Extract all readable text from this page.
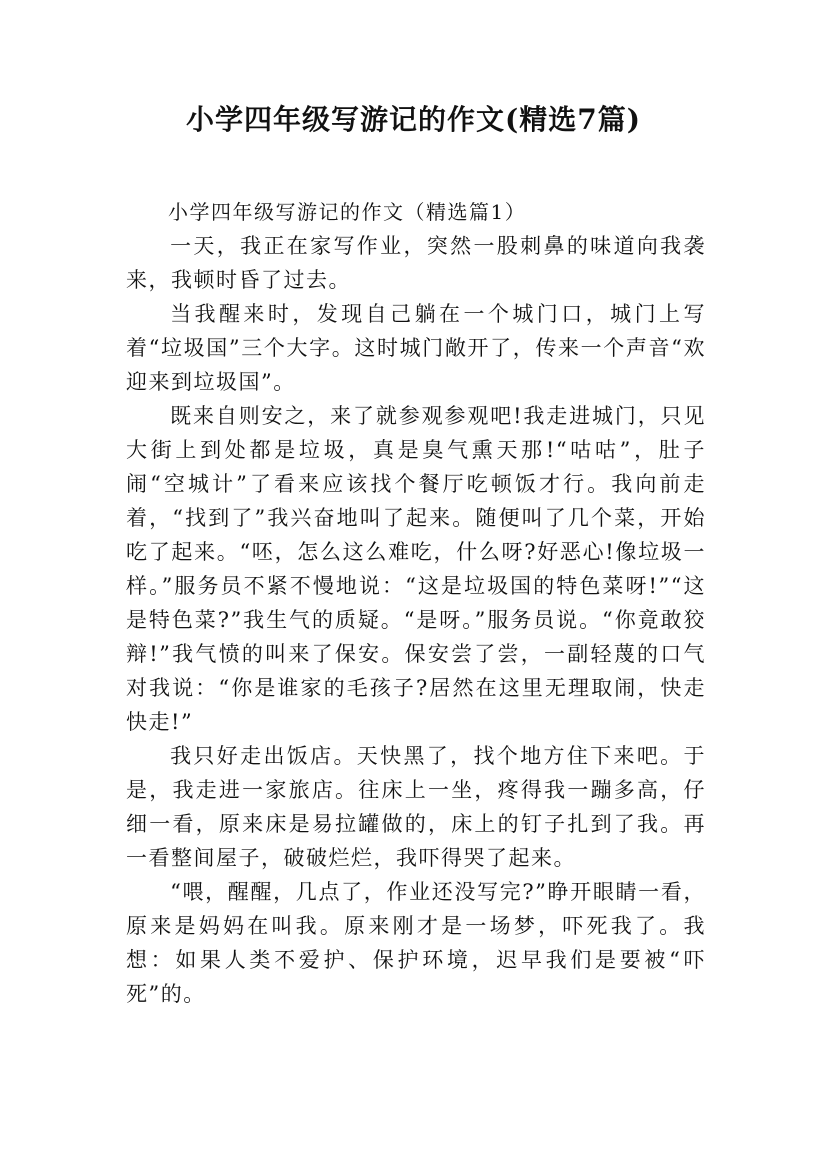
小学四年级写游记的作文(精选7篇)

小学四年级写游记的作文（精选篇1）

一天，我正在家写作业，突然一股刺鼻的味道向我袭来，我顿时昏了过去。

当我醒来时，发现自己躺在一个城门口，城门上写着“垃圾国”三个大字。这时城门敞开了，传来一个声音“欢迎来到垃圾国”。

既来自则安之，来了就参观参观吧!我走进城门，只见大街上到处都是垃圾，真是臭气熏天那!“咕咕”，肚子闹“空城计”了看来应该找个餐厅吃顿饭才行。我向前走着，“找到了”我兴奋地叫了起来。随便叫了几个菜，开始吃了起来。“呸，怎么这么难吃，什么呀?好恶心!像垃圾一样。”服务员不紧不慢地说：“这是垃圾国的特色菜呀!”“这是特色菜?”我生气的质疑。“是呀。”服务员说。“你竟敢狡辩!”我气愤的叫来了保安。保安尝了尝，一副轻蔑的口气对我说：“你是谁家的毛孩子?居然在这里无理取闹，快走快走!”

我只好走出饭店。天快黑了，找个地方住下来吧。于是，我走进一家旅店。往床上一坐，疼得我一蹦多高，仔细一看，原来床是易拉罐做的，床上的钉子扎到了我。再一看整间屋子，破破烂烂，我吓得哭了起来。

“喂，醒醒，几点了，作业还没写完?”睁开眼睛一看，原来是妈妈在叫我。原来刚才是一场梦，吓死我了。我想：如果人类不爱护、保护环境，迟早我们是要被“吓死”的。
